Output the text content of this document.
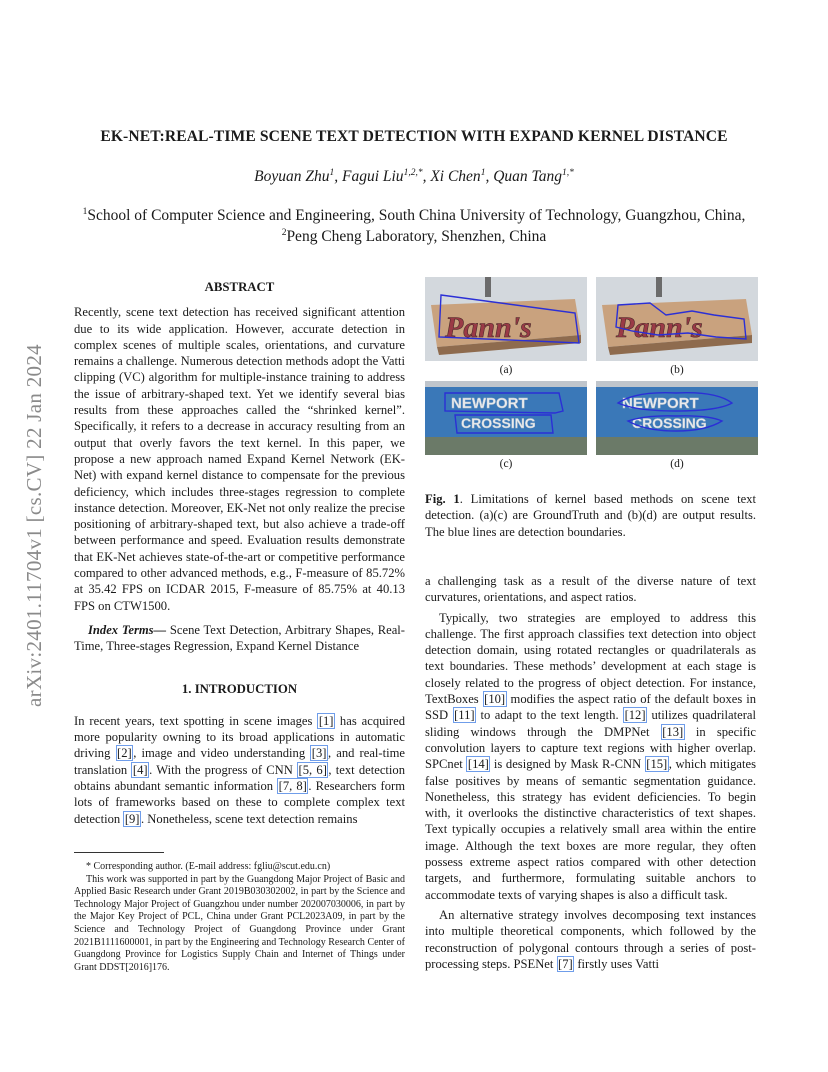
arXiv:2401.11704v1 [cs.CV] 22 Jan 2024
EK-NET:REAL-TIME SCENE TEXT DETECTION WITH EXPAND KERNEL DISTANCE
Boyuan Zhu$^1$, Fagui Liu$^{1,2,*}$, Xi Chen$^1$, Quan Tang$^{1,*}$
$^1$School of Computer Science and Engineering, South China University of Technology, Guangzhou, China,
$^2$Peng Cheng Laboratory, Shenzhen, China
ABSTRACT

Recently, scene text detection has received significant attention due to its wide application. However, accurate detection in complex scenes of multiple scales, orientations, and curvature remains a challenge. Numerous detection methods adopt the Vatti clipping (VC) algorithm for multiple-instance training to address the issue of arbitrary-shaped text. Yet we identify several bias results from these approaches called the “shrinked kernel”. Specifically, it refers to a decrease in accuracy resulting from an output that overly favors the text kernel. In this paper, we propose a new approach named Expand Kernel Network (EK-Net) with expand kernel distance to compensate for the previous deficiency, which includes three-stages regression to complete instance detection. Moreover, EK-Net not only realize the precise positioning of arbitrary-shaped text, but also achieve a trade-off between performance and speed. Evaluation results demonstrate that EK-Net achieves state-of-the-art or competitive performance compared to other advanced methods, e.g., F-measure of 85.72% at 35.42 FPS on ICDAR 2015, F-measure of 85.75% at 40.13 FPS on CTW1500.

Index Terms— Scene Text Detection, Arbitrary Shapes, Real-Time, Three-stages Regression, Expand Kernel Distance

1. INTRODUCTION

In recent years, text spotting in scene images [1] has acquired more popularity owning to its broad applications in automatic driving [2] , image and video understanding [3] , and real-time translation [4] . With the progress of CNN [5, 6] , text detection obtains abundant semantic information [7, 8] . Researchers form lots of frameworks based on these to complete complex text detection [9] . Nonetheless, scene text detection remains

* Corresponding author. (E-mail address: fgliu@scut.edu.cn)

This work was supported in part by the Guangdong Major Project of Basic and Applied Basic Research under Grant 2019B030302002, in part by the Science and Technology Major Project of Guangzhou under number 202007030006, in part by the Major Key Project of PCL, China under Grant PCL2023A09, in part by the Science and Technology Project of Guangdong Province under Grant 2021B1111600001, in part by the Engineering and Technology Research Center of Guangdong Province for Logistics Supply Chain and Internet of Things under Grant DDST[2016]176.

Pann's
(a)
Pann's
(b)
NEWPORT
CROSSING
(c)
NEWPORT
CROSSING
(d)
Fig. 1. Limitations of kernel based methods on scene text detection. (a)(c) are GroundTruth and (b)(d) are output results. The blue lines are detection boundaries.

a challenging task as a result of the diverse nature of text curvatures, orientations, and aspect ratios.

Typically, two strategies are employed to address this challenge. The first approach classifies text detection into object detection domain, using rotated rectangles or quadrilaterals as text boundaries. These methods’ development at each stage is closely related to the progress of object detection. For instance, TextBoxes [10] modifies the aspect ratio of the default boxes in SSD [11] to adapt to the text length. [12] utilizes quadrilateral sliding windows through the DMPNet [13] in specific convolution layers to capture text regions with higher overlap. SPCnet [14] is designed by Mask R-CNN [15] , which mitigates false positives by means of semantic segmentation guidance. Nonetheless, this strategy has evident deficiencies. To begin with, it overlooks the distinctive characteristics of text shapes. Text typically occupies a relatively small area within the entire image. Although the text boxes are more regular, they often possess extreme aspect ratios compared with other detection targets, and furthermore, formulating suitable anchors to accommodate texts of varying shapes is also a difficult task.

An alternative strategy involves decomposing text instances into multiple theoretical components, which followed by the reconstruction of polygonal contours through a series of post-processing steps. PSENet [7] firstly uses Vatti
